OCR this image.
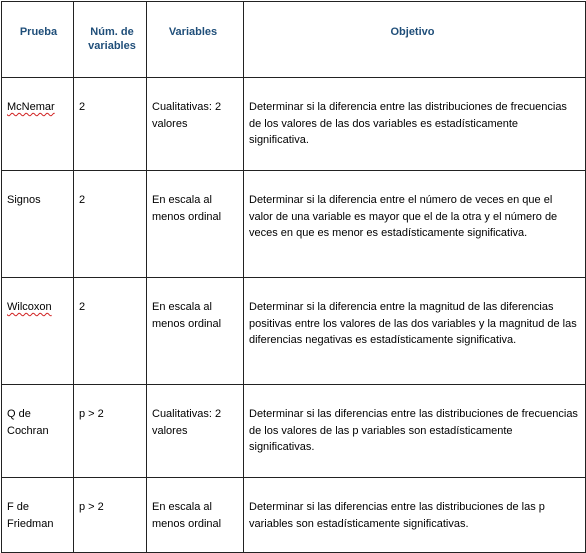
Prueba	Núm. de variables	Variables	Objetivo

McNemar	2	Cualitativas: 2 valores	Determinar si la diferencia entre las distribuciones de frecuencias de los valores de las dos variables es estadísticamente significativa.

Signos	2	En escala al menos ordinal	Determinar si la diferencia entre el número de veces en que el valor de una variable es mayor que el de la otra y el número de veces en que es menor es estadísticamente significativa.

Wilcoxon	2	En escala al menos ordinal	Determinar si la diferencia entre la magnitud de las diferencias positivas entre los valores de las dos variables y la magnitud de las diferencias negativas es estadísticamente significativa.

Q de Cochran	p > 2	Cualitativas: 2 valores	Determinar si las diferencias entre las distribuciones de frecuencias de los valores de las p variables son estadísticamente significativas.

F de Friedman	p > 2	En escala al menos ordinal	Determinar si las diferencias entre las distribuciones de las p variables son estadísticamente significativas.
